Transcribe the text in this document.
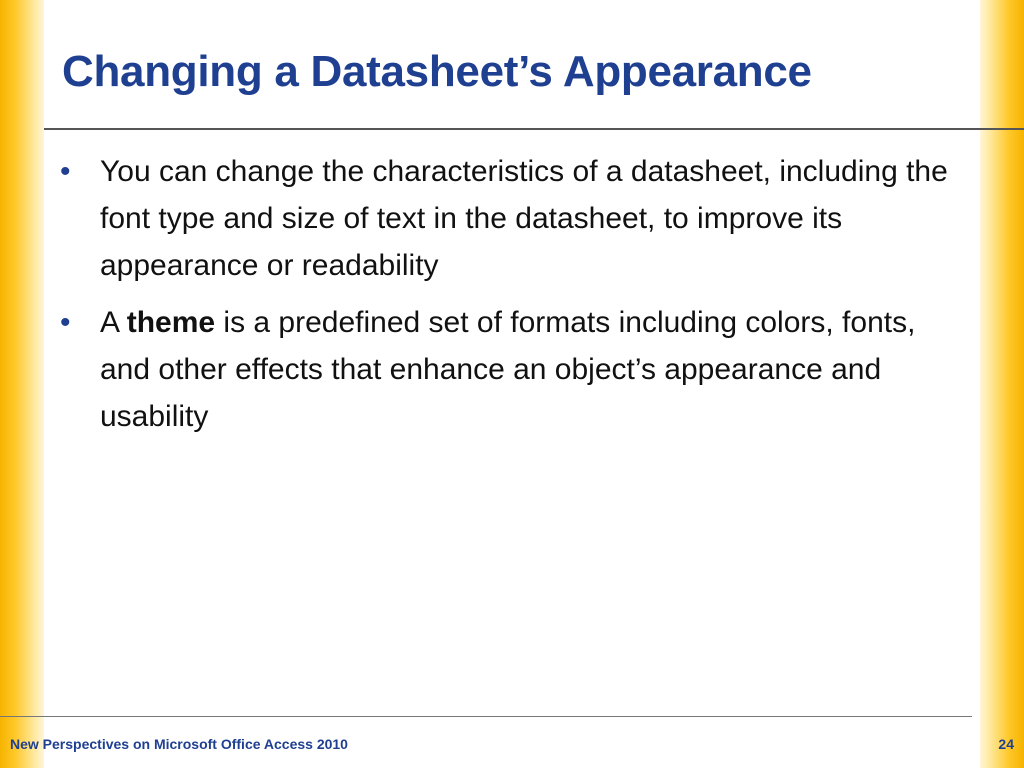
Changing a Datasheet’s Appearance
• You can change the characteristics of a datasheet, including the font type and size of text in the datasheet, to improve its appearance or readability
• A theme is a predefined set of formats including colors, fonts, and other effects that enhance an object’s appearance and usability
New Perspectives on Microsoft Office Access 2010	24
